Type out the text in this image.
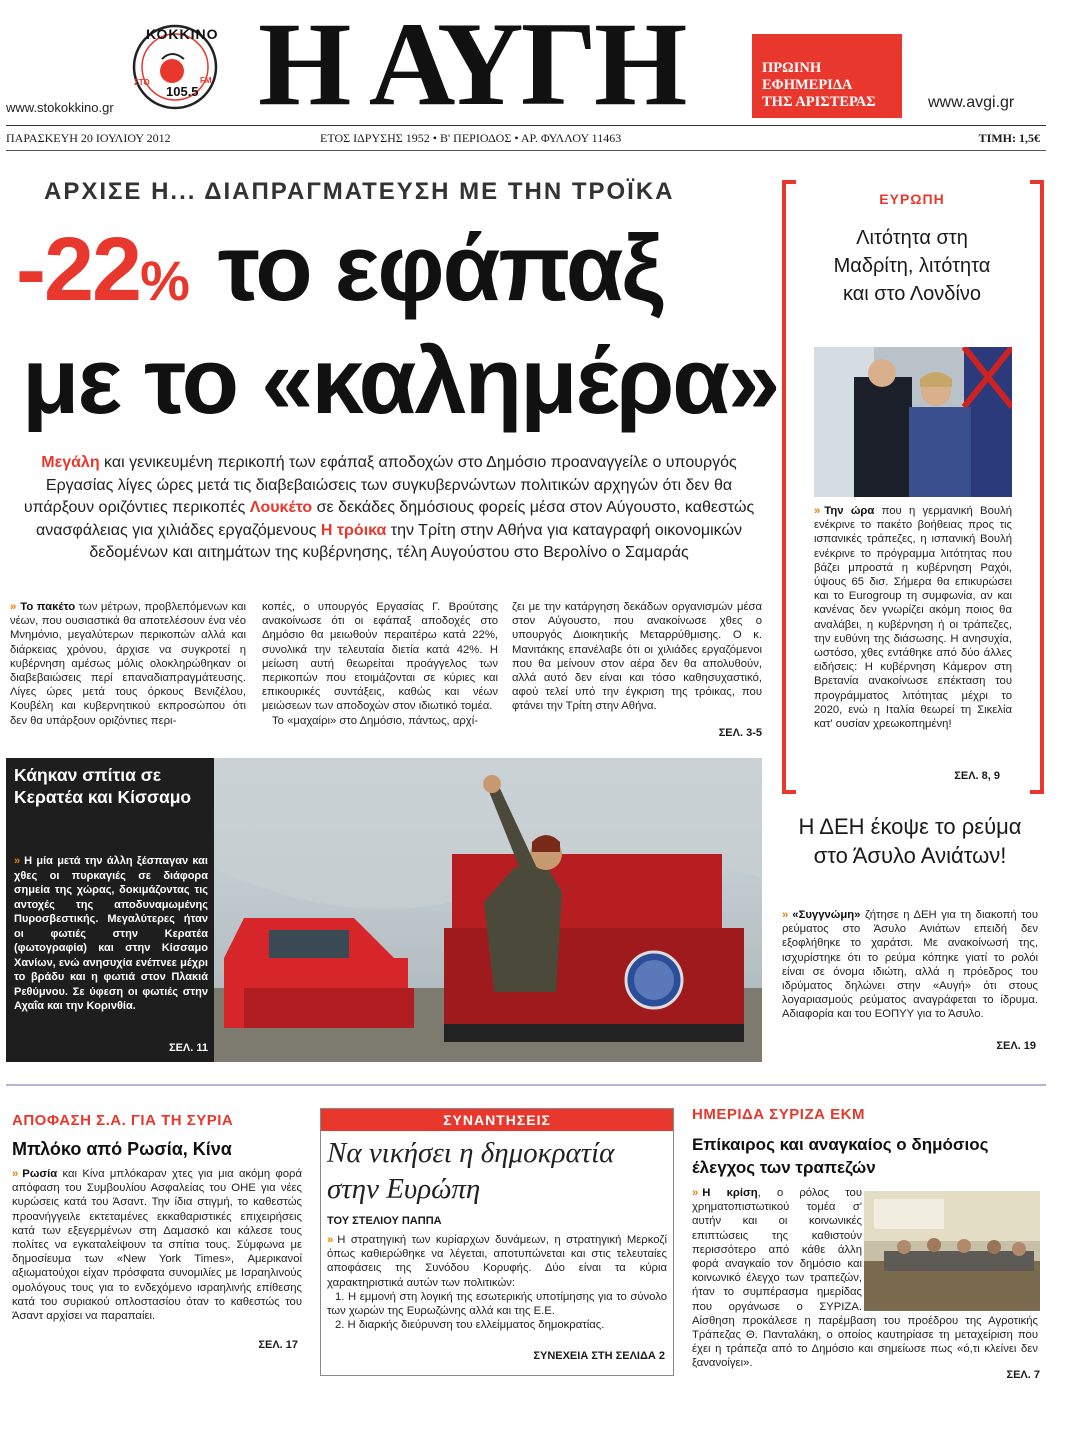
ΚΟΚΚΙΝΟ
ΣΤΟ
105.5
FM
www.stokokkino.gr Η ΑΥΓΗ	ΠΡΩΙΝΗ
ΕΦΗΜΕΡΙΔΑ
ΤΗΣ ΑΡΙΣΤΕΡΑΣ	www.avgi.gr
ΠΑΡΑΣΚΕΥΗ 20 ΙΟΥΛΙΟΥ 2012	ΕΤΟΣ ΙΔΡΥΣΗΣ 1952 • Β' ΠΕΡΙΟΔΟΣ • ΑΡ. ΦΥΛΛΟΥ 11463	ΤΙΜΗ: 1,5€
ΑΡΧΙΣΕ Η... ΔΙΑΠΡΑΓΜΑΤΕΥΣΗ ΜΕ ΤΗΝ ΤΡΟΪΚΑ
-22% το εφάπαξ
με το «καλημέρα»
Μεγάλη και γενικευμένη περικοπή των εφάπαξ αποδοχών στο Δημόσιο προαναγγείλε ο υπουργός Εργασίας λίγες ώρες μετά τις διαβεβαιώσεις των συγκυβερνώντων πολιτικών αρχηγών ότι δεν θα υπάρξουν οριζόντιες περικοπές Λουκέτο σε δεκάδες δημόσιους φορείς μέσα στον Αύγουστο, καθεστώς ανασφάλειας για χιλιάδες εργαζόμενους Η τρόικα την Τρίτη στην Αθήνα για καταγραφή οικονομικών δεδομένων και αιτημάτων της κυβέρνησης, τέλη Αυγούστου στο Βερολίνο ο Σαμαράς
» Το πακέτο των μέτρων, προβλεπόμενων και νέων, που ουσιαστικά θα αποτελέσουν ένα νέο Μνημόνιο, μεγαλύτερων περικοπών αλλά και διάρκειας χρόνου, άρχισε να συγκροτεί η κυβέρνηση αμέσως μόλις ολοκληρώθηκαν οι διαβεβαιώσεις περί επαναδιαπραγμάτευσης. Λίγες ώρες μετά τους όρκους Βενιζέλου, Κουβέλη και κυβερνητικού εκπροσώπου ότι δεν θα υπάρξουν οριζόντιες περι-
κοπές, ο υπουργός Εργασίας Γ. Βρούτσης ανακοίνωσε ότι οι εφάπαξ αποδοχές στο Δημόσιο θα μειωθούν περαιτέρω κατά 22%, συνολικά την τελευταία διετία κατά 42%. Η μείωση αυτή θεωρείται προάγγελος των περικοπών που ετοιμάζονται σε κύριες και επικουρικές συντάξεις, καθώς και νέων μειώσεων των αποδοχών στον ιδιωτικό τομέα.
Το «μαχαίρι» στο Δημόσιο, πάντως, αρχί-
ζει με την κατάργηση δεκάδων οργανισμών μέσα στον Αύγουστο, που ανακοίνωσε χθες ο υπουργός Διοικητικής Μεταρρύθμισης. Ο κ. Μανιτάκης επανέλαβε ότι οι χιλιάδες εργαζόμενοι που θα μείνουν στον αέρα δεν θα απολυθούν, αλλά αυτό δεν είναι και τόσο καθησυχαστικό, αφού τελεί υπό την έγκριση της τρόικας, που φτάνει την Τρίτη στην Αθήνα.
ΣΕΛ. 3-5
ΕΥΡΩΠΗ
Λιτότητα στη Μαδρίτη, λιτότητα και στο Λονδίνο
» Την ώρα που η γερμανική Βουλή ενέκρινε το πακέτο βοήθειας προς τις ισπανικές τράπεζες, η ισπανική Βουλή ενέκρινε το πρόγραμμα λιτότητας που βάζει μπροστά η κυβέρνηση Ραχόι, ύψους 65 δισ. Σήμερα θα επικυρώσει και το Eurogroup τη συμφωνία, αν και κανένας δεν γνωρίζει ακόμη ποιος θα αναλάβει, η κυβέρνηση ή οι τράπεζες, την ευθύνη της διάσωσης. Η ανησυχία, ωστόσο, χθες εντάθηκε από δύο άλλες ειδήσεις: Η κυβέρνηση Κάμερον στη Βρετανία ανακοίνωσε επέκταση του προγράμματος λιτότητας μέχρι το 2020, ενώ η Ιταλία θεωρεί τη Σικελία κατ' ουσίαν χρεωκοπημένη!
ΣΕΛ. 8, 9
Κάηκαν σπίτια σε Κερατέα και Κίσσαμο
» Η μία μετά την άλλη ξέσπαγαν και χθες οι πυρκαγιές σε διάφορα σημεία της χώρας, δοκιμάζοντας τις αντοχές της αποδυναμωμένης Πυροσβεστικής. Μεγαλύτερες ήταν οι φωτιές στην Κερατέα (φωτογραφία) και στην Κίσσαμο Χανίων, ενώ ανησυχία ενέπνεε μέχρι το βράδυ και η φωτιά στον Πλακιά Ρεθύμνου. Σε ύφεση οι φωτιές στην Αχαΐα και την Κορινθία.
ΣΕΛ. 11
Η ΔΕΗ έκοψε το ρεύμα στο Άσυλο Ανιάτων!
» «Συγγνώμη» ζήτησε η ΔΕΗ για τη διακοπή του ρεύματος στο Άσυλο Ανιάτων επειδή δεν εξοφλήθηκε το χαράτσι. Με ανακοίνωσή της, ισχυρίστηκε ότι το ρεύμα κόπηκε γιατί το ρολόι είναι σε όνομα ιδιώτη, αλλά η πρόεδρος του ιδρύματος δηλώνει στην «Αυγή» ότι στους λογαριασμούς ρεύματος αναγράφεται το ίδρυμα. Αδιαφορία και του ΕΟΠΥΥ για το Άσυλο.
ΣΕΛ. 19
ΑΠΟΦΑΣΗ Σ.Α. ΓΙΑ ΤΗ ΣΥΡΙΑ
Μπλόκο από Ρωσία, Κίνα
» Ρωσία και Κίνα μπλόκαραν χτες για μια ακόμη φορά απόφαση του Συμβουλίου Ασφαλείας του ΟΗΕ για νέες κυρώσεις κατά του Άσαντ. Την ίδια στιγμή, το καθεστώς προανήγγειλε εκτεταμένες εκκαθαριστικές επιχειρήσεις κατά των εξεγερμένων στη Δαμασκό και κάλεσε τους πολίτες να εγκαταλείψουν τα σπίτια τους. Σύμφωνα με δημοσίευμα των «New York Times», Αμερικανοί αξιωματούχοι είχαν πρόσφατα συνομιλίες με Ισραηλινούς ομολόγους τους για το ενδεχόμενο ισραηλινής επίθεσης κατά του συριακού οπλοστασίου όταν το καθεστώς του Άσαντ αρχίσει να παραπαίει.
ΣΕΛ. 17
ΣΥΝΑΝΤΗΣΕΙΣ
Να νικήσει η δημοκρατία στην Ευρώπη
ΤΟΥ ΣΤΕΛΙΟΥ ΠΑΠΠΑ
» Η στρατηγική των κυρίαρχων δυνάμεων, η στρατηγική Μερκοζί όπως καθιερώθηκε να λέγεται, αποτυπώνεται και στις τελευταίες αποφάσεις της Συνόδου Κορυφής. Δύο είναι τα κύρια χαρακτηριστικά αυτών των πολιτικών:
1. Η εμμονή στη λογική της εσωτερικής υποτίμησης για το σύνολο των χωρών της Ευρωζώνης αλλά και της Ε.Ε.
2. Η διαρκής διεύρυνση του ελλείμματος δημοκρατίας.
ΣΥΝΕΧΕΙΑ ΣΤΗ ΣΕΛΙΔΑ 2
ΗΜΕΡΙΔΑ ΣΥΡΙΖΑ ΕΚΜ
Επίκαιρος και αναγκαίος ο δημόσιος έλεγχος των τραπεζών
» Η κρίση, ο ρόλος του χρηματοπιστωτικού τομέα σ' αυτήν και οι κοινωνικές επιπτώσεις της καθιστούν περισσότερο από κάθε άλλη φορά αναγκαίο τον δημόσιο και κοινωνικό έλεγχο των τραπεζών, ήταν το συμπέρασμα ημερίδας που οργάνωσε ο ΣΥΡΙΖΑ. Αίσθηση προκάλεσε η παρέμβαση του προέδρου της Αγροτικής Τράπεζας Θ. Πανταλάκη, ο οποίος καυτηρίασε τη μεταχείριση που έχει η τράπεζα από το Δημόσιο και σημείωσε πως «ό,τι κλείνει δεν ξανανοίγει».
ΣΕΛ. 7
